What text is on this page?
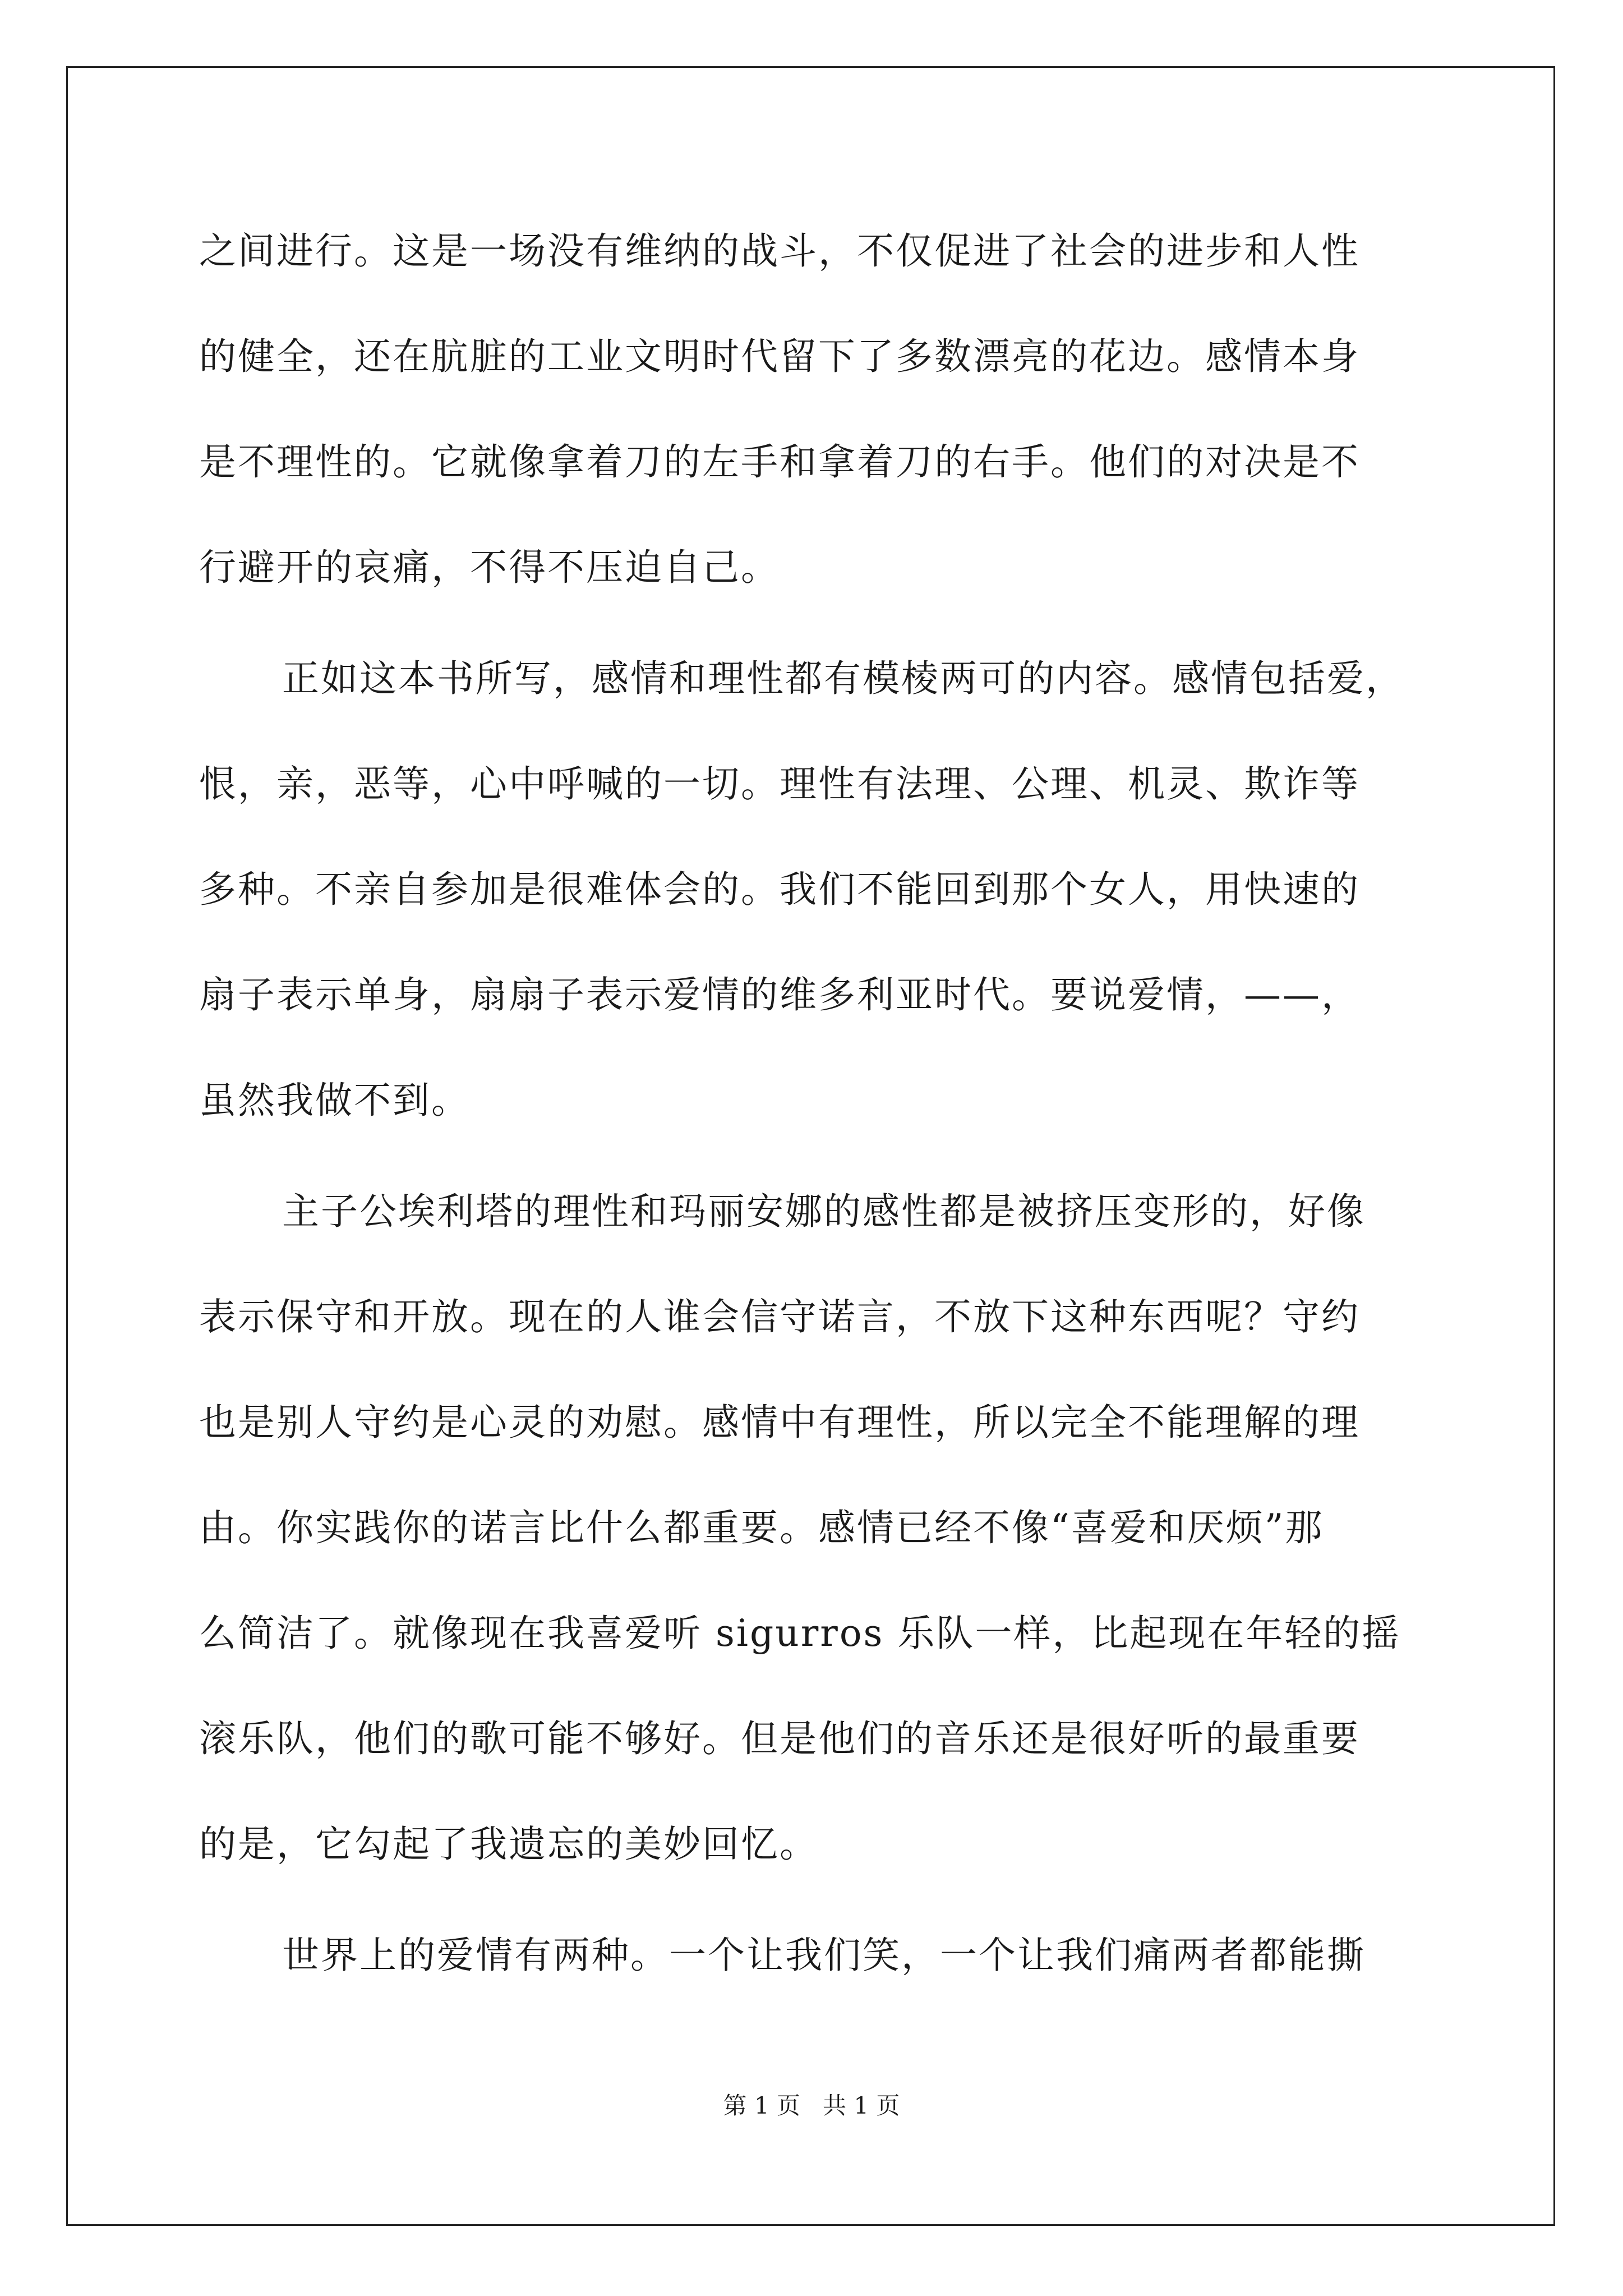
之间进行。这是一场没有维纳的战斗，不仅促进了社会的进步和人性
的健全，还在肮脏的工业文明时代留下了多数漂亮的花边。感情本身
是不理性的。它就像拿着刀的左手和拿着刀的右手。他们的对决是不
行避开的哀痛，不得不压迫自己。
正如这本书所写，感情和理性都有模棱两可的内容。感情包括爱，
恨，亲，恶等，心中呼喊的一切。理性有法理、公理、机灵、欺诈等
多种。不亲自参加是很难体会的。我们不能回到那个女人，用快速的
扇子表示单身，扇扇子表示爱情的维多利亚时代。要说爱情，——，
虽然我做不到。
主子公埃利塔的理性和玛丽安娜的感性都是被挤压变形的，好像
表示保守和开放。现在的人谁会信守诺言，不放下这种东西呢？守约
也是别人守约是心灵的劝慰。感情中有理性，所以完全不能理解的理
由。你实践你的诺言比什么都重要。感情已经不像“喜爱和厌烦”那
么简洁了。就像现在我喜爱听 sigurros 乐队一样，比起现在年轻的摇
滚乐队，他们的歌可能不够好。但是他们的音乐还是很好听的最重要
的是，它勾起了我遗忘的美妙回忆。
世界上的爱情有两种。一个让我们笑，一个让我们痛两者都能撕
第 1 页   共 1 页
